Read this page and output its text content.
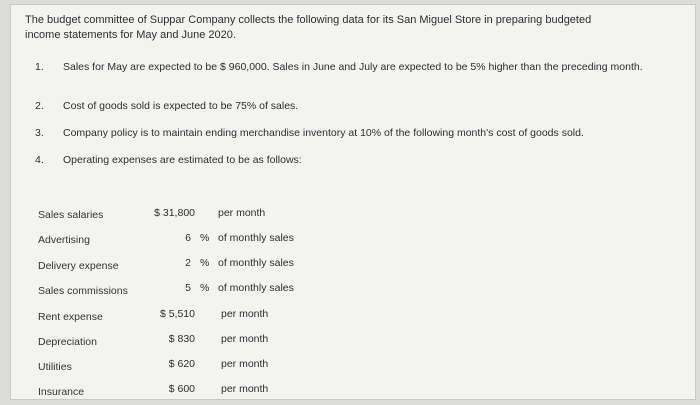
The budget committee of Suppar Company collects the following data for its San Miguel Store in preparing budgeted income statements for May and June 2020.
1. Sales for May are expected to be $ 960,000. Sales in June and July are expected to be 5% higher than the preceding month.
2. Cost of goods sold is expected to be 75% of sales.
3. Company policy is to maintain ending merchandise inventory at 10% of the following month's cost of goods sold.
4. Operating expenses are estimated to be as follows:
Sales salaries	$ 31,800 per month
Advertising	6 % of monthly sales
Delivery expense	2 % of monthly sales
Sales commissions	5 % of monthly sales
Rent expense	$ 5,510 per month
Depreciation	$ 830 per month
Utilities	$ 620 per month
Insurance	$ 600 per month
